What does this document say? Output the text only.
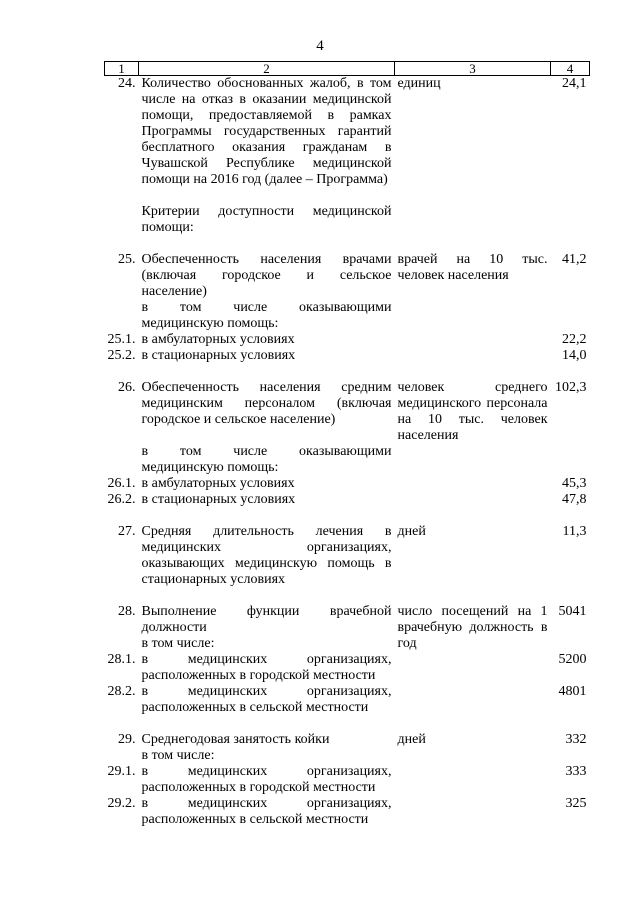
4
1	2	3	4
24.	Количество обоснованных жалоб, в том числе на отказ в оказании медицинской помощи, предоставляемой в рамках Программы государственных гарантий бесплатного оказания гражданам в Чувашской Республике медицинской помощи на 2016 год (далее – Программа)	единиц	24,1

	Критерии доступности медицинской помощи:		

25.	Обеспеченность населения врачами (включая городское и сельское население)	врачей на 10 тыс. человек населения	41,2
	в том числе оказывающими медицинскую помощь:		
25.1.	в амбулаторных условиях		22,2
25.2.	в стационарных условиях		14,0

26.	Обеспеченность населения средним медицинским персоналом (включая городское и сельское население)	человек среднего медицинского персонала на 10 тыс. человек населения	102,3
	в том числе оказывающими медицинскую помощь:		
26.1.	в амбулаторных условиях		45,3
26.2.	в стационарных условиях		47,8

27.	Средняя длительность лечения в медицинских организациях, оказывающих медицинскую помощь в стационарных условиях	дней	11,3

28.	Выполнение функции врачебной должности	число посещений на 1 врачебную должность в год	5041
	в том числе:		
28.1.	в медицинских организациях, расположенных в городской местности		5200
28.2.	в медицинских организациях, расположенных в сельской местности		4801

29.	Среднегодовая занятость койки	дней	332
	в том числе:		
29.1.	в медицинских организациях, расположенных в городской местности		333
29.2.	в медицинских организациях, расположенных в сельской местности		325
